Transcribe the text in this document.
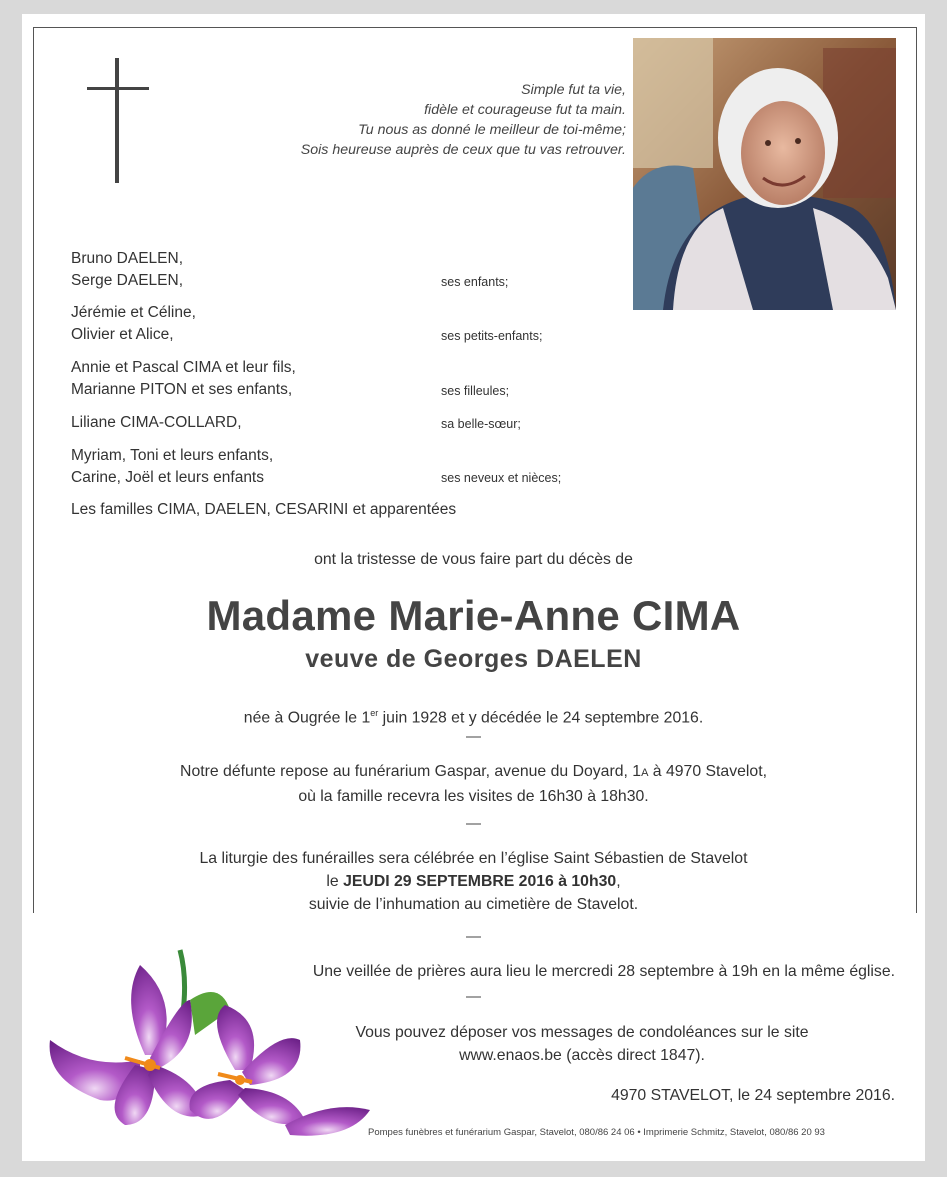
Simple fut ta vie,
fidèle et courageuse fut ta main.
Tu nous as donné le meilleur de toi-même;
Sois heureuse auprès de ceux que tu vas retrouver.
Bruno DAELEN,
Serge DAELEN,	ses enfants;
Jérémie et Céline,
Olivier et Alice,	ses petits-enfants;
Annie et Pascal CIMA et leur fils,
Marianne PITON et ses enfants,	ses filleules;
Liliane CIMA-COLLARD,	sa belle-sœur;
Myriam, Toni et leurs enfants,
Carine, Joël et leurs enfants	ses neveux et nièces;
Les familles CIMA, DAELEN, CESARINI et apparentées
ont la tristesse de vous faire part du décès de
Madame Marie-Anne CIMA
veuve de Georges DAELEN
née à Ougrée le 1er juin 1928 et y décédée le 24 septembre 2016.
—
Notre défunte repose au funérarium Gaspar, avenue du Doyard, 1A à 4970 Stavelot,
où la famille recevra les visites de 16h30 à 18h30.
—
La liturgie des funérailles sera célébrée en l’église Saint Sébastien de Stavelot
le JEUDI 29 SEPTEMBRE 2016 à 10h30,
suivie de l’inhumation au cimetière de Stavelot.
—
Une veillée de prières aura lieu le mercredi 28 septembre à 19h en la même église.
—
Vous pouvez déposer vos messages de condoléances sur le site
www.enaos.be (accès direct 1847).
4970 STAVELOT, le 24 septembre 2016.
Pompes funèbres et funérarium Gaspar, Stavelot, 080/86 24 06 • Imprimerie Schmitz, Stavelot, 080/86 20 93
